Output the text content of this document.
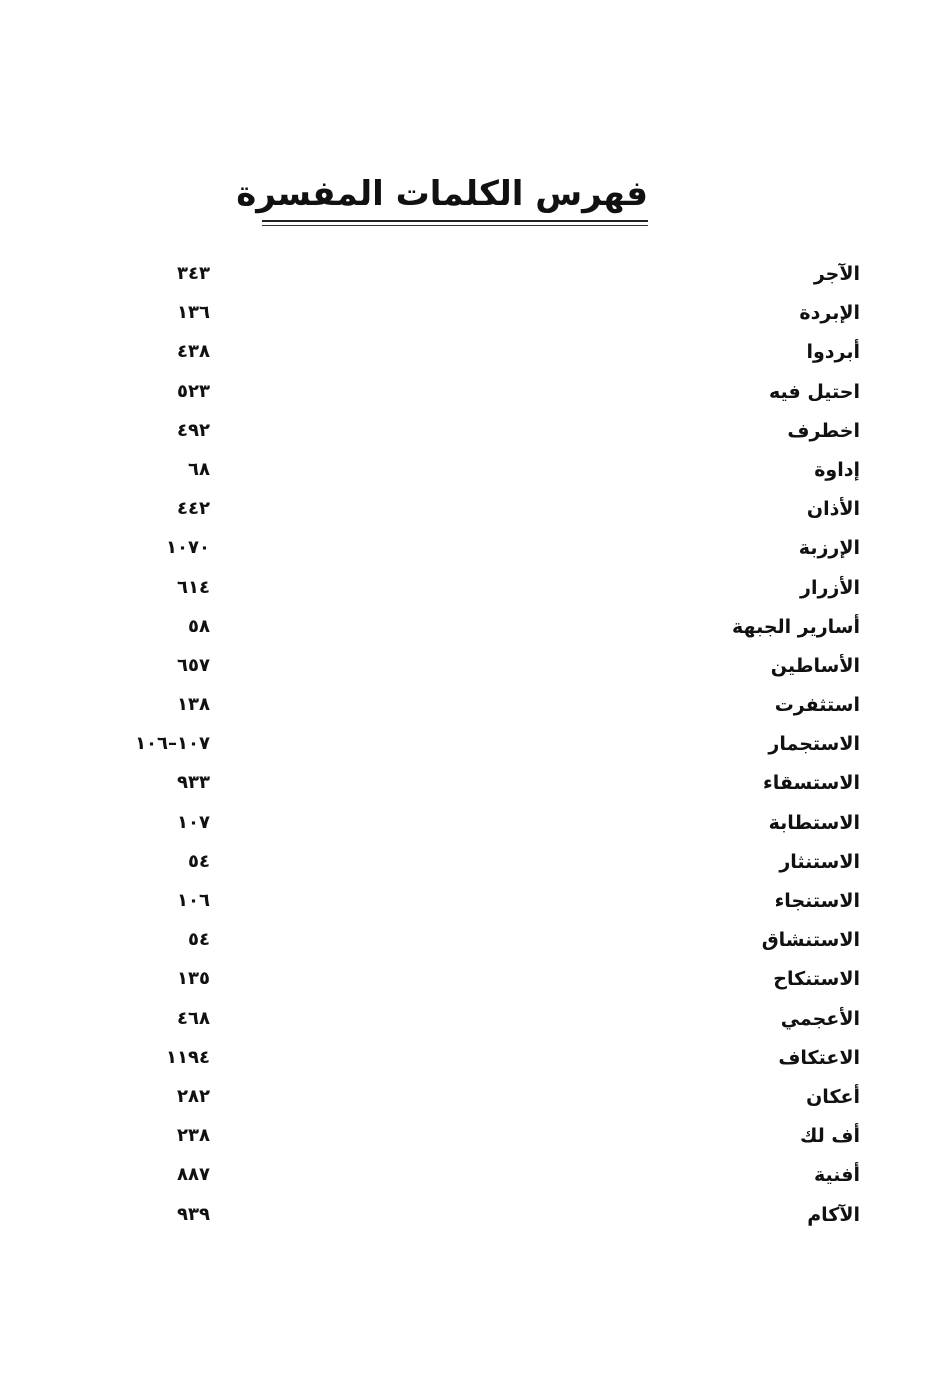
فهرس الكلمات المفسرة
الآجر
٣٤٣
الإبردة
١٣٦
أبردوا
٤٣٨
احتيل فيه
٥٢٣
اخطرف
٤٩٢
إداوة
٦٨
الأذان
٤٤٢
الإرزبة
١٠٧٠
الأزرار
٦١٤
أسارير الجبهة
٥٨
الأساطين
٦٥٧
استثفرت
١٣٨
الاستجمار
١٠٧–١٠٦
الاستسقاء
٩٣٣
الاستطابة
١٠٧
الاستنثار
٥٤
الاستنجاء
١٠٦
الاستنشاق
٥٤
الاستنكاح
١٣٥
الأعجمي
٤٦٨
الاعتكاف
١١٩٤
أعكان
٢٨٢
أف لك
٢٣٨
أفنية
٨٨٧
الآكام
٩٣٩
